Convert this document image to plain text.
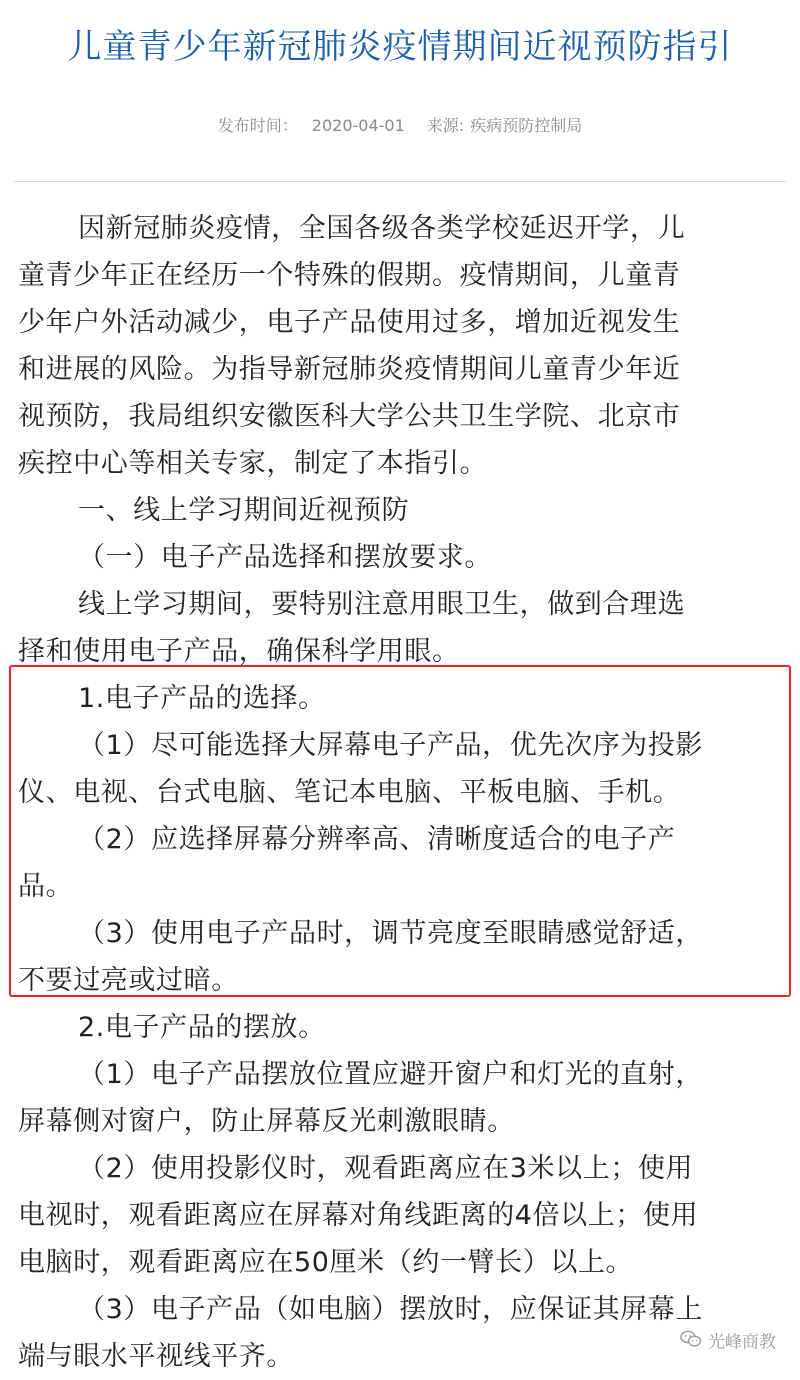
儿童青少年新冠肺炎疫情期间近视预防指引
发布时间： 2020-04-01 来源: 疾病预防控制局

因新冠肺炎疫情，全国各级各类学校延迟开学，儿

童青少年正在经历一个特殊的假期。疫情期间，儿童青

少年户外活动减少，电子产品使用过多，增加近视发生

和进展的风险。为指导新冠肺炎疫情期间儿童青少年近

视预防，我局组织安徽医科大学公共卫生学院、北京市

疾控中心等相关专家，制定了本指引。

一、线上学习期间近视预防

（一）电子产品选择和摆放要求。

线上学习期间，要特别注意用眼卫生，做到合理选

择和使用电子产品，确保科学用眼。

1.电子产品的选择。

（1）尽可能选择大屏幕电子产品，优先次序为投影

仪、电视、台式电脑、笔记本电脑、平板电脑、手机。

（2）应选择屏幕分辨率高、清晰度适合的电子产

品。

（3）使用电子产品时，调节亮度至眼睛感觉舒适，

不要过亮或过暗。

2.电子产品的摆放。

（1）电子产品摆放位置应避开窗户和灯光的直射，

屏幕侧对窗户，防止屏幕反光刺激眼睛。

（2）使用投影仪时，观看距离应在3米以上；使用

电视时，观看距离应在屏幕对角线距离的4倍以上；使用

电脑时，观看距离应在50厘米（约一臂长）以上。

（3）电子产品（如电脑）摆放时，应保证其屏幕上

端与眼水平视线平齐。	光峰商教
